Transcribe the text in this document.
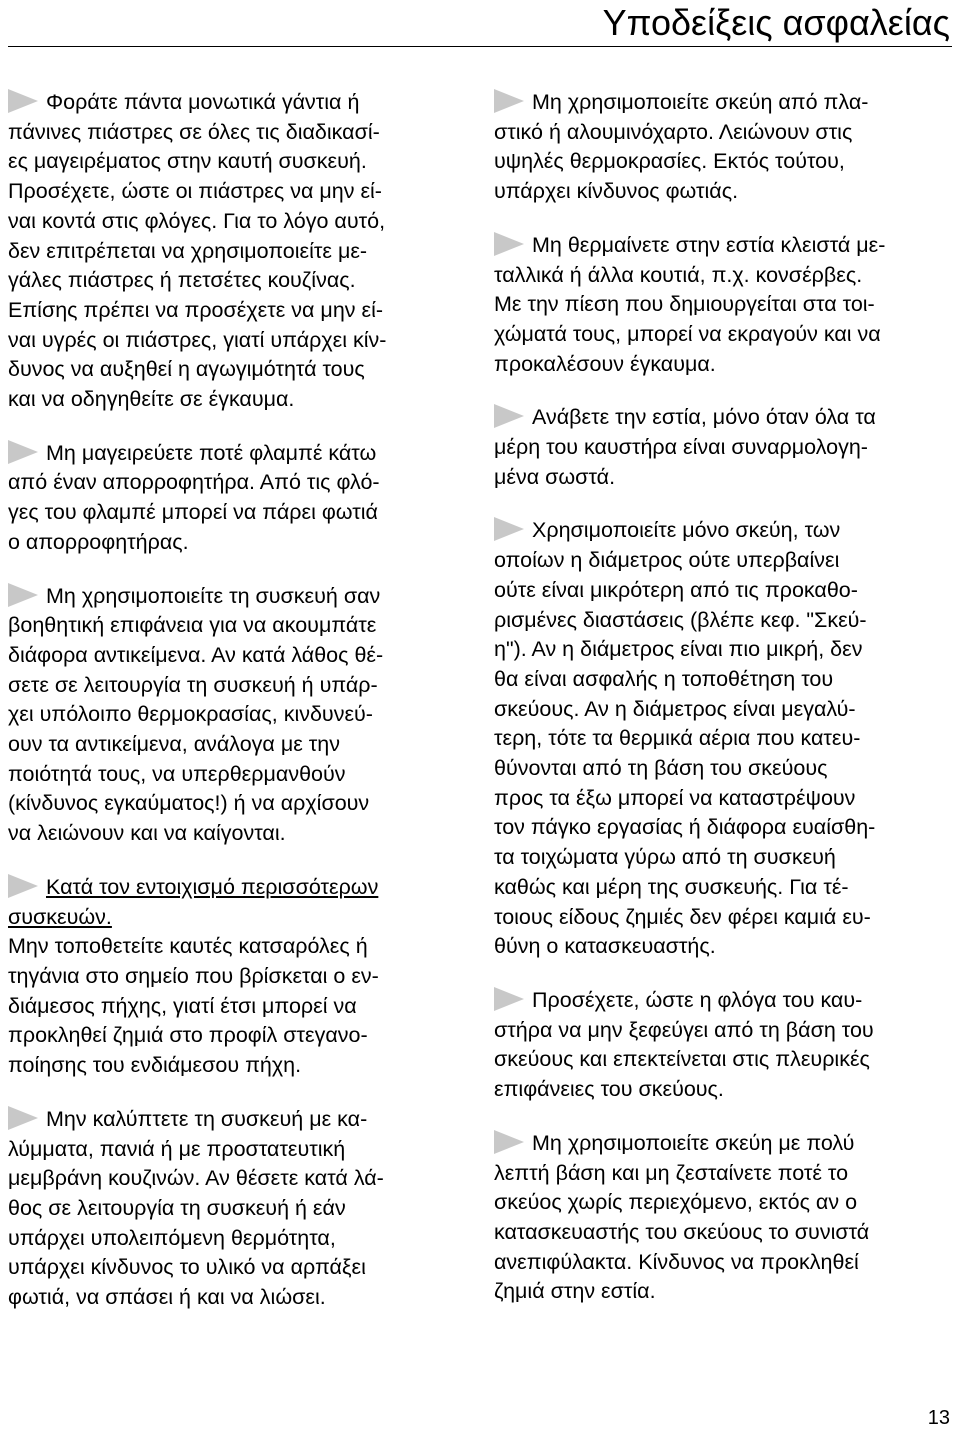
Υποδείξεις ασφαλείας

Φοράτε πάντα μονωτικά γάντια ή
πάνινες πιάστρες σε όλες τις διαδικασί-
ες μαγειρέματος στην καυτή συσκευή.
Προσέχετε, ώστε οι πιάστρες να μην εί-
ναι κοντά στις φλόγες. Για το λόγο αυτό,
δεν επιτρέπεται να χρησιμοποιείτε με-
γάλες πιάστρες ή πετσέτες κουζίνας.
Επίσης πρέπει να προσέχετε να μην εί-
ναι υγρές οι πιάστρες, γιατί υπάρχει κίν-
δυνος να αυξηθεί η αγωγιμότητά τους
και να οδηγηθείτε σε έγκαυμα.

Μη μαγειρεύετε ποτέ φλαμπέ κάτω
από έναν απορροφητήρα. Από τις φλό-
γες του φλαμπέ μπορεί να πάρει φωτιά
ο απορροφητήρας.

Μη χρησιμοποιείτε τη συσκευή σαν
βοηθητική επιφάνεια για να ακουμπάτε
διάφορα αντικείμενα. Αν κατά λάθος θέ-
σετε σε λειτουργία τη συσκευή ή υπάρ-
χει υπόλοιπο θερμοκρασίας, κινδυνεύ-
ουν τα αντικείμενα, ανάλογα με την
ποιότητά τους, να υπερθερμανθούν
(κίνδυνος εγκαύματος!) ή να αρχίσουν
να λειώνουν και να καίγονται.

Κατά τον εντοιχισμό περισσότερων
συσκευών.
Μην τοποθετείτε καυτές κατσαρόλες ή
τηγάνια στο σημείο που βρίσκεται ο εν-
διάμεσος πήχης, γιατί έτσι μπορεί να
προκληθεί ζημιά στο προφίλ στεγανο-
ποίησης του ενδιάμεσου πήχη.

Μην καλύπτετε τη συσκευή με κα-
λύμματα, πανιά ή με προστατευτική
μεμβράνη κουζινών. Αν θέσετε κατά λά-
θος σε λειτουργία τη συσκευή ή εάν
υπάρχει υπολειπόμενη θερμότητα,
υπάρχει κίνδυνος το υλικό να αρπάξει
φωτιά, να σπάσει ή και να λιώσει.

Μη χρησιμοποιείτε σκεύη από πλα-
στικό ή αλουμινόχαρτο. Λειώνουν στις
υψηλές θερμοκρασίες. Εκτός τούτου,
υπάρχει κίνδυνος φωτιάς.

Μη θερμαίνετε στην εστία κλειστά με-
ταλλικά ή άλλα κουτιά, π.χ. κονσέρβες.
Με την πίεση που δημιουργείται στα τοι-
χώματά τους, μπορεί να εκραγούν και να
προκαλέσουν έγκαυμα.

Ανάβετε την εστία, μόνο όταν όλα τα
μέρη του καυστήρα είναι συναρμολογη-
μένα σωστά.

Χρησιμοποιείτε μόνο σκεύη, των
οποίων η διάμετρος ούτε υπερβαίνει
ούτε είναι μικρότερη από τις προκαθο-
ρισμένες διαστάσεις (βλέπε κεφ. "Σκεύ-
η"). Αν η διάμετρος είναι πιο μικρή, δεν
θα είναι ασφαλής η τοποθέτηση του
σκεύους. Αν η διάμετρος είναι μεγαλύ-
τερη, τότε τα θερμικά αέρια που κατευ-
θύνονται από τη βάση του σκεύους
προς τα έξω μπορεί να καταστρέψουν
τον πάγκο εργασίας ή διάφορα ευαίσθη-
τα τοιχώματα γύρω από τη συσκευή
καθώς και μέρη της συσκευής. Για τέ-
τοιους είδους ζημιές δεν φέρει καμιά ευ-
θύνη ο κατασκευαστής.

Προσέχετε, ώστε η φλόγα του καυ-
στήρα να μην ξεφεύγει από τη βάση του
σκεύους και επεκτείνεται στις πλευρικές
επιφάνειες του σκεύους.

Μη χρησιμοποιείτε σκεύη με πολύ
λεπτή βάση και μη ζεσταίνετε ποτέ το
σκεύος χωρίς περιεχόμενο, εκτός αν ο
κατασκευαστής του σκεύους το συνιστά
ανεπιφύλακτα. Κίνδυνος να προκληθεί
ζημιά στην εστία.

13
